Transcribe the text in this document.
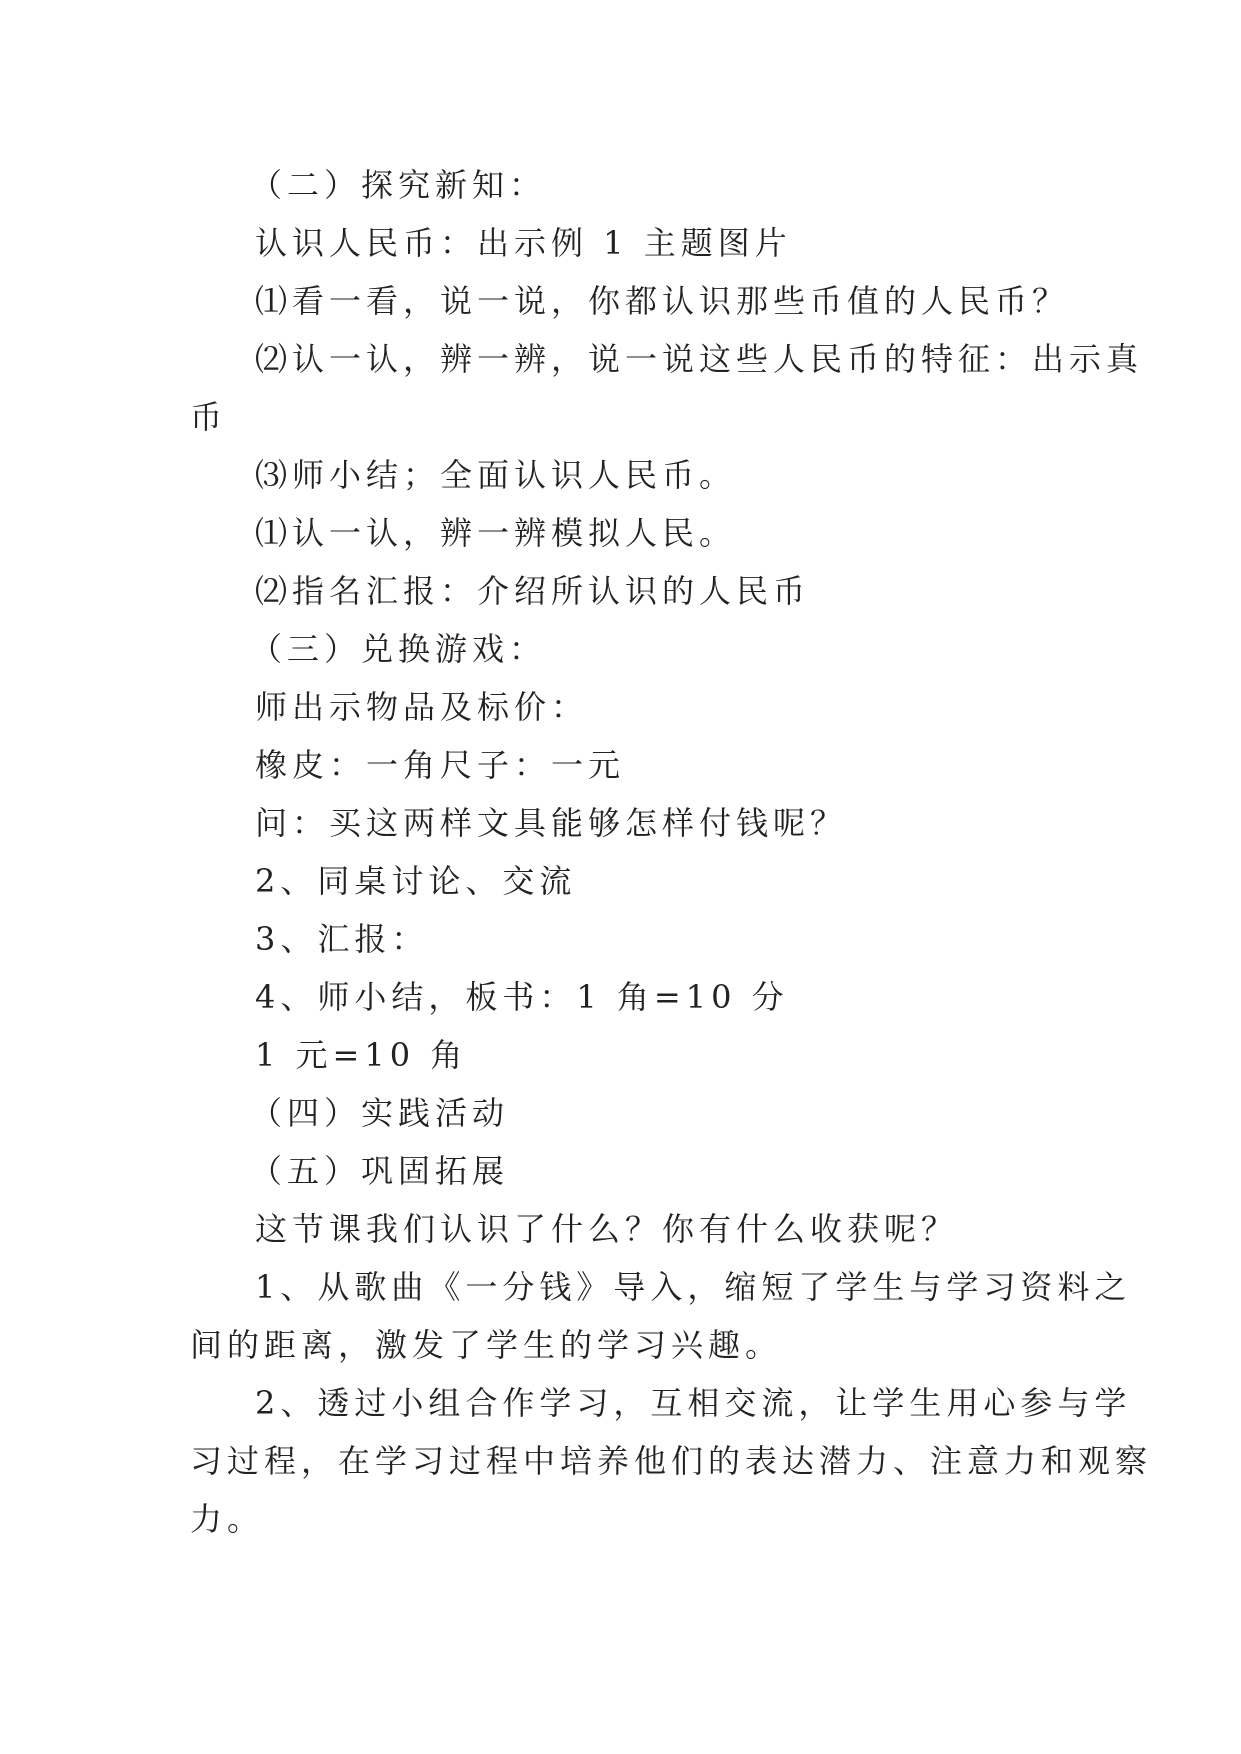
（二）探究新知：
认识人民币：出示例 1 主题图片
⑴看一看，说一说，你都认识那些币值的人民币？
⑵认一认，辨一辨，说一说这些人民币的特征：出示真
币
⑶师小结；全面认识人民币。
⑴认一认，辨一辨模拟人民。
⑵指名汇报：介绍所认识的人民币
（三）兑换游戏：
师出示物品及标价：
橡皮：一角尺子：一元
问：买这两样文具能够怎样付钱呢？
2、同桌讨论、交流
3、汇报：
4、师小结，板书：1 角=10 分
1 元=10 角
（四）实践活动
（五）巩固拓展
这节课我们认识了什么？你有什么收获呢？
1、从歌曲《一分钱》导入，缩短了学生与学习资料之
间的距离，激发了学生的学习兴趣。
2、透过小组合作学习，互相交流，让学生用心参与学
习过程，在学习过程中培养他们的表达潜力、注意力和观察
力。
